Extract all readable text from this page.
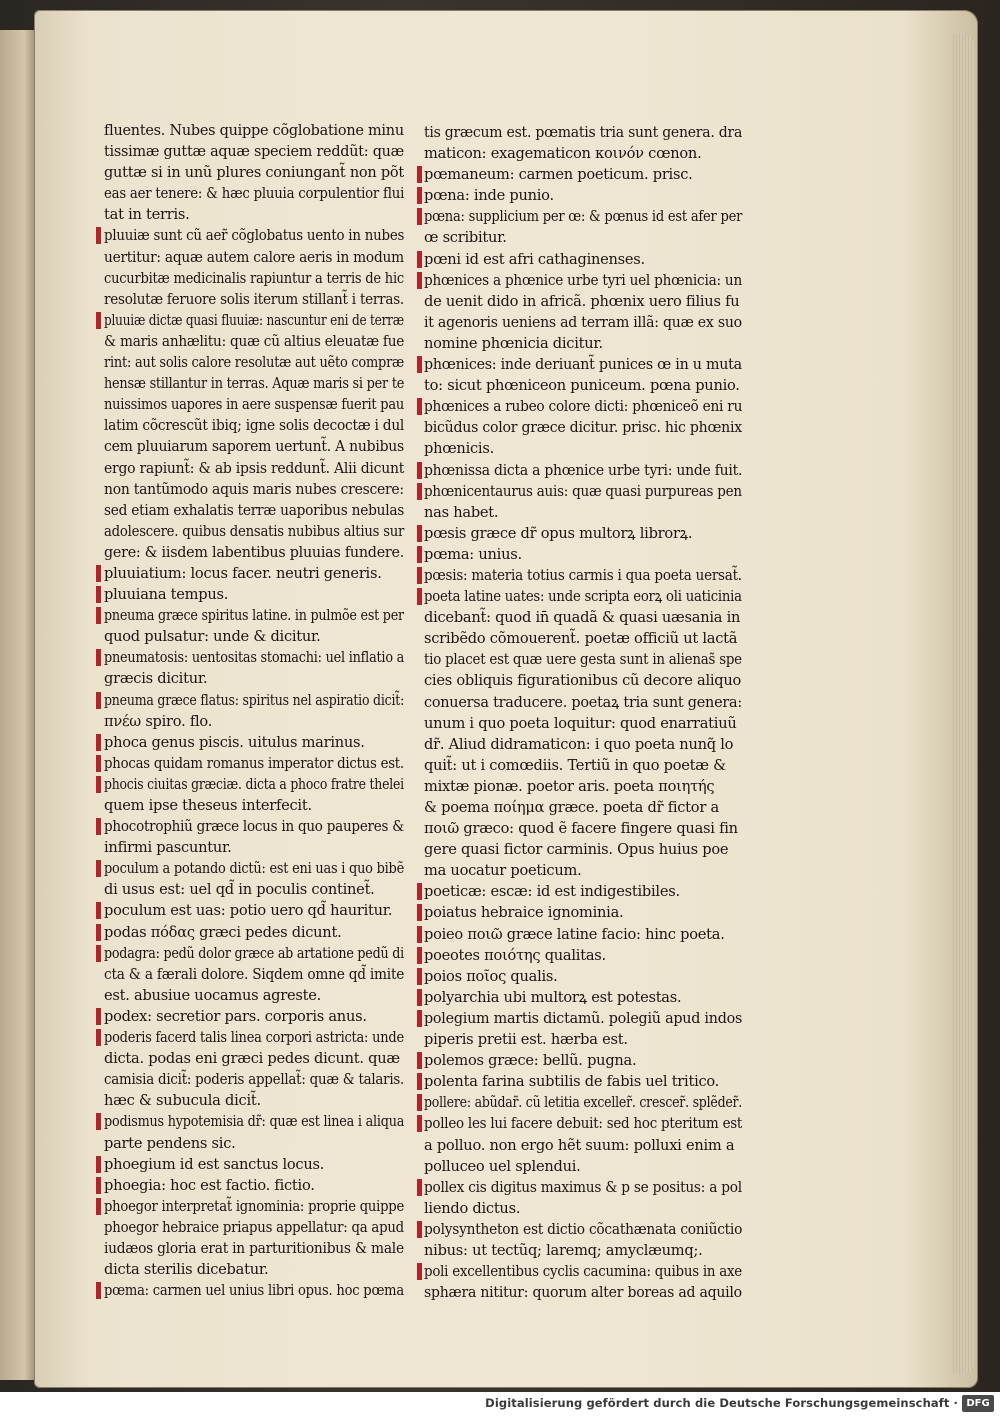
fluentes. Nubes quippe cõglobatione minu
tissimæ guttæ aquæ speciem reddũt: quæ
guttæ si in unũ plures coniungant̃ non põt
eas aer tenere: & hæc pluuia corpulentior flui
tat in terris.
pluuiæ sunt cũ aer̃ cõglobatus uento in nubes
uertitur: aquæ autem calore aeris in modum
cucurbitæ medicinalis rapiuntur a terris de hic
resolutæ feruore solis iterum stillant̃ i terras.
pluuiæ dictæ quasi fluuiæ: nascuntur eni de terræ
& maris anhælitu: quæ cũ altius eleuatæ fue
rint: aut solis calore resolutæ aut uẽto compræ
hensæ stillantur in terras. Aquæ maris si per te
nuissimos uapores in aere suspensæ fuerit pau
latim cõcrescũt ibiq; igne solis decoctæ i dul
cem pluuiarum saporem uertunt̃. A nubibus
ergo rapiunt̃: & ab ipsis reddunt̃. Alii dicunt
non tantũmodo aquis maris nubes crescere:
sed etiam exhalatis terræ uaporibus nebulas
adolescere. quibus densatis nubibus altius sur
gere: & iisdem labentibus pluuias fundere.
pluuiatium: locus facer. neutri generis.
pluuiana tempus.
pneuma græce spiritus latine. in pulmõe est per
quod pulsatur: unde & dicitur.
pneumatosis: uentositas stomachi: uel inflatio a
græcis dicitur.
pneuma græce flatus: spiritus nel aspiratio dicit̃:
πνέω spiro. flo.
phoca genus piscis. uitulus marinus.
phocas quidam romanus imperator dictus est.
phocis ciuitas græciæ. dicta a phoco fratre thelei
quem ipse theseus interfecit.
phocotrophiũ græce locus in quo pauperes &
infirmi pascuntur.
poculum a potando dictũ: est eni uas i quo bibẽ
di usus est: uel qd̃ in poculis continet̃.
poculum est uas: potio uero qd̃ hauritur.
podas πόδας græci pedes dicunt.
podagra: pedũ dolor græce ab artatione pedũ di
cta & a færali dolore. Siqdem omne qd̃ imite
est. abusiue uocamus agreste.
podex: secretior pars. corporis anus.
poderis facerd talis linea corpori astricta: unde
dicta. podas eni græci pedes dicunt. quæ
camisia dicit̃: poderis appellat̃: quæ & talaris.
hæc & subucula dicit̃.
podismus hypotemisia dr̃: quæ est linea i aliqua
parte pendens sic.
phoegium id est sanctus locus.
phoegia: hoc est factio. fictio.
phoegor interpretat̃ ignominia: proprie quippe
phoegor hebraice priapus appellatur: qa apud
iudæos gloria erat in parturitionibus & male
dicta sterilis dicebatur.
pœma: carmen uel unius libri opus. hoc pœma
tis græcum est. pœmatis tria sunt genera. dra
maticon: exagematicon κοινόν cœnon.
pœmaneum: carmen poeticum. prisc.
pœna: inde punio.
pœna: supplicium per œ: & pœnus id est afer per
œ scribitur.
pœni id est afri cathaginenses.
phœnices a phœnice urbe tyri uel phœnicia: un
de uenit dido in africã. phœnix uero filius fu
it agenoris ueniens ad terram illã: quæ ex suo
nomine phœnicia dicitur.
phœnices: inde deriuant̃ punices œ in u muta
to: sicut phœniceon puniceum. pœna punio.
phœnices a rubeo colore dicti: phœniceõ eni ru
bicũdus color græce dicitur. prisc. hic phœnix
phœnicis.
phœnissa dicta a phœnice urbe tyri: unde fuit.
phœnicentaurus auis: quæ quasi purpureas pen
nas habet.
pœsis græce dr̃ opus multorꝝ librorꝝ.
pœma: unius.
pœsis: materia totius carmis i qua poeta uersat̃.
poeta latine uates: unde scripta eorꝝ oli uaticinia
dicebant̃: quod in̄ quadã & quasi uæsania in
scribẽdo cõmouerent̃. poetæ officiũ ut lactã
tio placet est quæ uere gesta sunt in alienas̃ spe
cies obliquis figurationibus cũ decore aliquo
conuersa traducere. poetaꝝ tria sunt genera:
unum i quo poeta loquitur: quod enarratiuũ
dr̃. Aliud didramaticon: i quo poeta nunq̃ lo
quit̃: ut i comœdiis. Tertiũ in quo poetæ &
mixtæ pionæ. poetor aris. poeta ποιητής
& poema ποίημα græce. poeta dr̃ fictor a
ποιῶ græco: quod ẽ facere fingere quasi fin
gere quasi fictor carminis. Opus huius poe
ma uocatur poeticum.
poeticæ: escæ: id est indigestibiles.
poiatus hebraice ignominia.
poieo ποιῶ græce latine facio: hinc poeta.
poeotes ποιότης qualitas.
poios ποῖος qualis.
polyarchia ubi multorꝝ est potestas.
polegium martis dictamũ. polegiũ apud indos
piperis pretii est. hærba est.
polemos græce: bellũ. pugna.
polenta farina subtilis de fabis uel tritico.
pollere: abũdar̃. cũ letitia exceller̃. crescer̃. splẽder̃.
polleo les lui facere debuit: sed hoc pteritum est
a polluo. non ergo hẽt suum: polluxi enim a
polluceo uel splendui.
pollex cis digitus maximus & p se positus: a pol
liendo dictus.
polysyntheton est dictio cõcathænata coniũctio
nibus: ut tectũq; laremq; amyclæumq;.
poli excellentibus cyclis cacumina: quibus in axe
sphæra nititur: quorum alter boreas ad aquilo
Digitalisierung gefördert durch die Deutsche Forschungsgemeinschaft · DFG
